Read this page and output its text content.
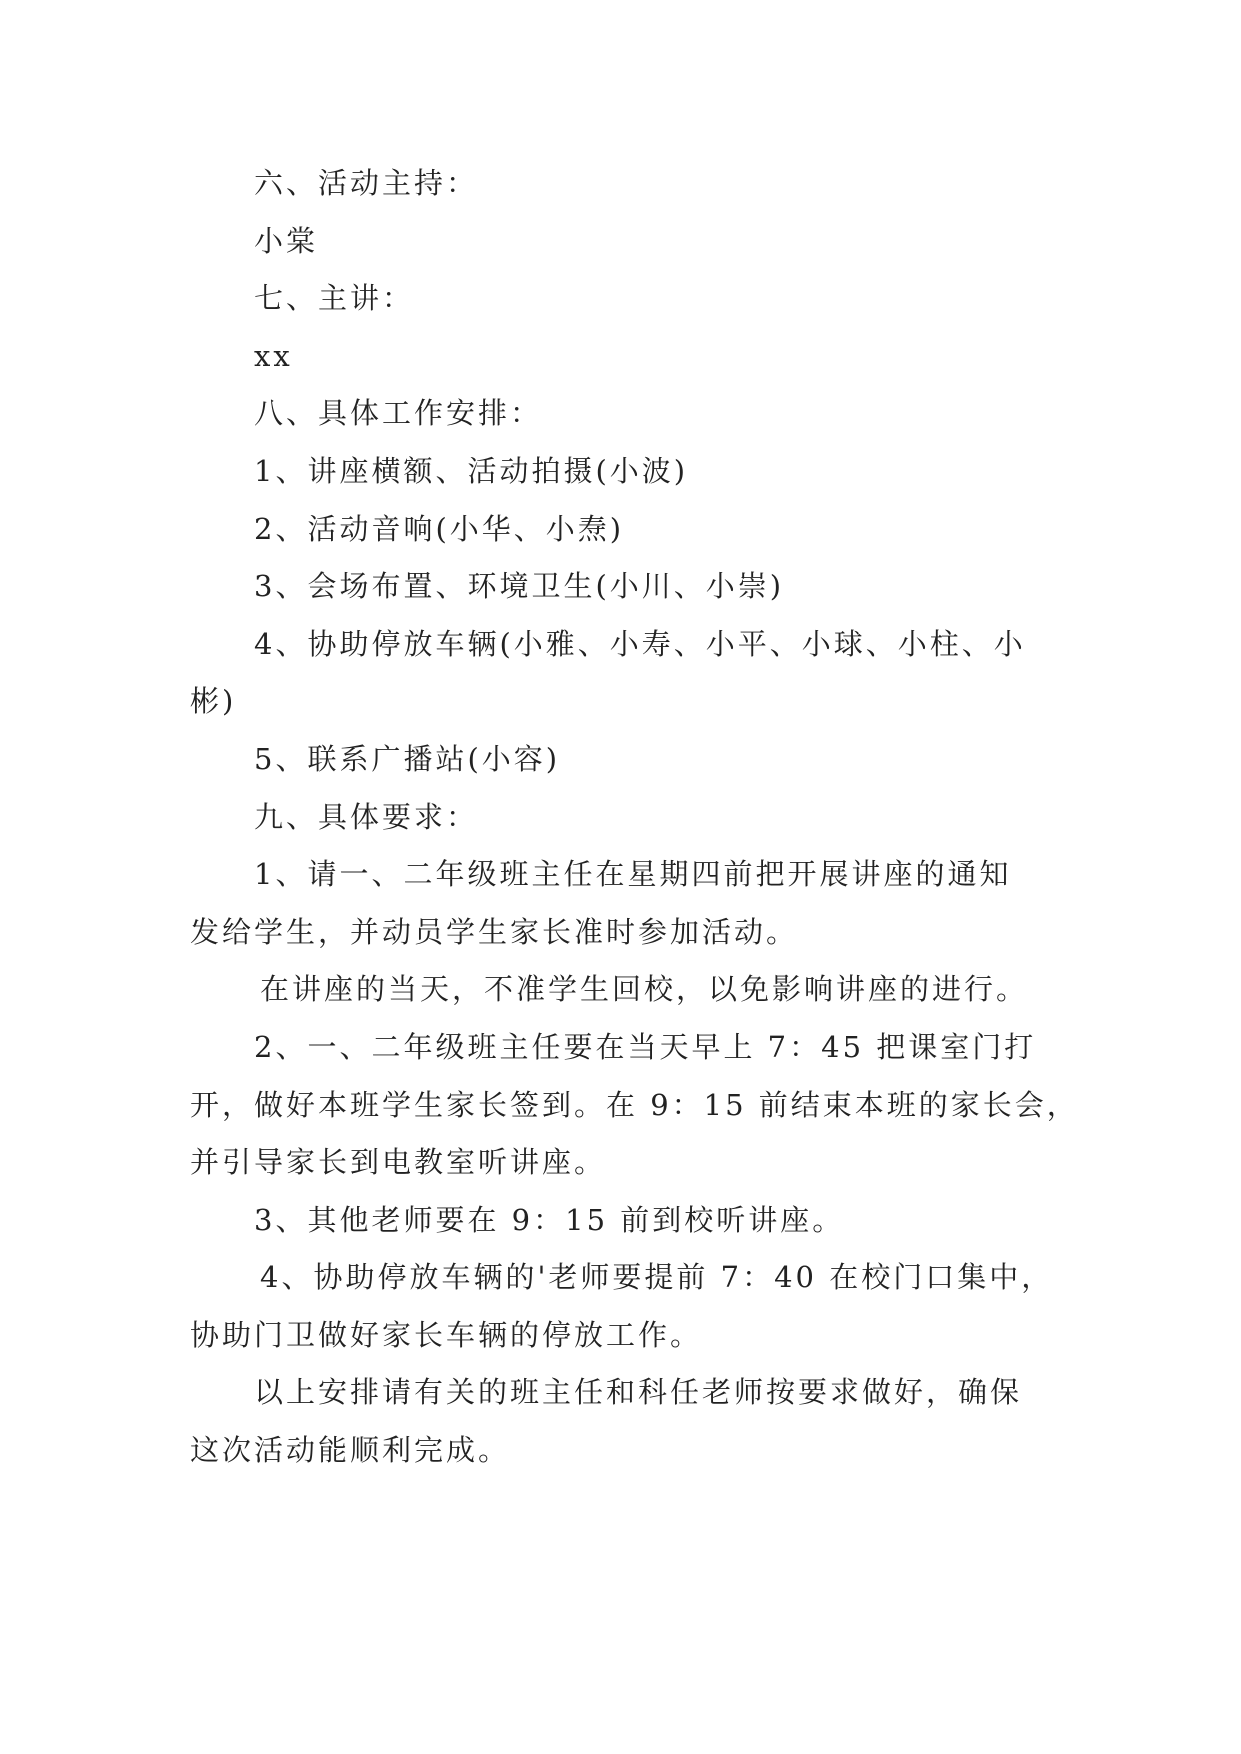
六、活动主持：
小棠
七、主讲：
xx
八、具体工作安排：
1、讲座横额、活动拍摄(小波)
2、活动音响(小华、小焘)
3、会场布置、环境卫生(小川、小崇)
4、协助停放车辆(小雅、小寿、小平、小球、小柱、小
彬)
5、联系广播站(小容)
九、具体要求：
1、请一、二年级班主任在星期四前把开展讲座的通知
发给学生，并动员学生家长准时参加活动。
在讲座的当天，不准学生回校，以免影响讲座的进行。
2、一、二年级班主任要在当天早上 7：45 把课室门打
开，做好本班学生家长签到。在 9：15 前结束本班的家长会，
并引导家长到电教室听讲座。
3、其他老师要在 9：15 前到校听讲座。
4、协助停放车辆的'老师要提前 7：40 在校门口集中，
协助门卫做好家长车辆的停放工作。
以上安排请有关的班主任和科任老师按要求做好，确保
这次活动能顺利完成。
